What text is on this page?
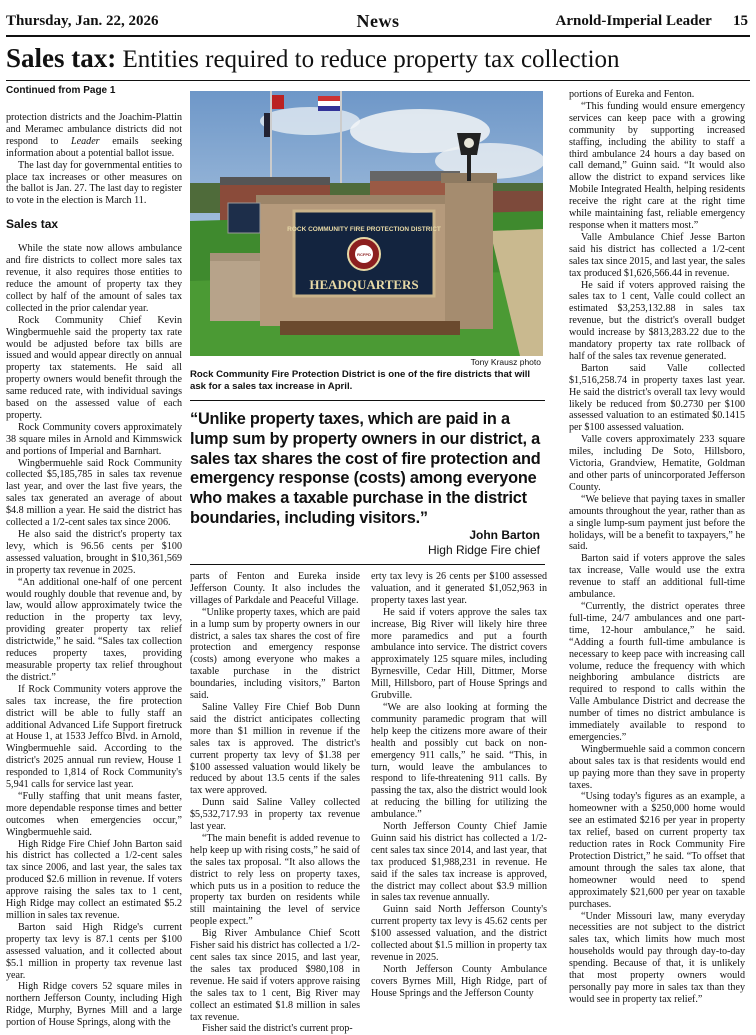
Thursday, Jan. 22, 2026	News	Arnold-Imperial Leader 15
Sales tax: Entities required to reduce property tax collection
Continued from Page 1

protection districts and the Joachim-Plattin and Meramec ambulance districts did not respond to Leader emails seeking information about a potential ballot issue.

The last day for governmental entities to place tax increases or other measures on the ballot is Jan. 27. The last day to register to vote in the election is March 11.

Sales tax

While the state now allows ambulance and fire districts to collect more sales tax revenue, it also requires those entities to reduce the amount of property tax they collect by half of the amount of sales tax collected in the prior calendar year.

Rock Community Chief Kevin Wingbermuehle said the property tax rate would be adjusted before tax bills are issued and would appear directly on annual property tax statements. He said all property owners would benefit through the same reduced rate, with individual savings based on the assessed value of each property.

Rock Community covers approximately 38 square miles in Arnold and Kimmswick and portions of Imperial and Barnhart.

Wingbermuehle said Rock Community collected $5,185,785 in sales tax revenue last year, and over the last five years, the sales tax generated an average of about $4.8 million a year. He said the district has collected a 1/2-cent sales tax since 2006.

He also said the district's property tax levy, which is 96.56 cents per $100 assessed valuation, brought in $10,361,569 in property tax revenue in 2025.

“An additional one-half of one percent would roughly double that revenue and, by law, would allow approximately twice the reduction in the property tax levy, providing greater property tax relief districtwide,” he said. “Sales tax collection reduces property taxes, providing measurable property tax relief throughout the district.”

If Rock Community voters approve the sales tax increase, the fire protection district will be able to fully staff an additional Advanced Life Support firetruck at House 1, at 1533 Jeffco Blvd. in Arnold, Wingbermuehle said. According to the district's 2025 annual run review, House 1 responded to 1,814 of Rock Community's 5,941 calls for service last year.

“Fully staffing that unit means faster, more dependable response times and better outcomes when emergencies occur,” Wingbermuehle said.

High Ridge Fire Chief John Barton said his district has collected a 1/2-cent sales tax since 2006, and last year, the sales tax produced $2.6 million in revenue. If voters approve raising the sales tax to 1 cent, High Ridge may collect an estimated $5.2 million in sales tax revenue.

Barton said High Ridge's current property tax levy is 87.1 cents per $100 assessed valuation, and it collected about $5.1 million in property tax revenue last year.

High Ridge covers 52 square miles in northern Jefferson County, including High Ridge, Murphy, Byrnes Mill and a large portion of House Springs, along with the

ROCK COMMUNITY FIRE PROTECTION DISTRICT
RCFPD
HEADQUARTERS
Tony Krausz photo
Rock Community Fire Protection District is one of the fire districts that will ask for a sales tax increase in April.
“Unlike property taxes, which are paid in a lump sum by property owners in our district, a sales tax shares the cost of fire protection and emergency response (costs) among everyone who makes a taxable purchase in the district boundaries, including visitors.”
John Barton
High Ridge Fire chief

parts of Fenton and Eureka inside Jefferson County. It also includes the villages of Parkdale and Peaceful Village.

“Unlike property taxes, which are paid in a lump sum by property owners in our district, a sales tax shares the cost of fire protection and emergency response (costs) among everyone who makes a taxable purchase in the district boundaries, including visitors,” Barton said.

Saline Valley Fire Chief Bob Dunn said the district anticipates collecting more than $1 million in revenue if the sales tax is approved. The district's current property tax levy of $1.38 per $100 assessed valuation would likely be reduced by about 13.5 cents if the sales tax were approved.

Dunn said Saline Valley collected $5,532,717.93 in property tax revenue last year.

“The main benefit is added revenue to help keep up with rising costs,” he said of the sales tax proposal. “It also allows the district to rely less on property taxes, which puts us in a position to reduce the property tax burden on residents while still maintaining the level of service people expect.”

Big River Ambulance Chief Scott Fisher said his district has collected a 1/2-cent sales tax since 2015, and last year, the sales tax produced $980,108 in revenue. He said if voters approve raising the sales tax to 1 cent, Big River may collect an estimated $1.8 million in sales tax revenue.

Fisher said the district's current prop-

erty tax levy is 26 cents per $100 assessed valuation, and it generated $1,052,963 in property taxes last year.

He said if voters approve the sales tax increase, Big River will likely hire three more paramedics and put a fourth ambulance into service. The district covers approximately 125 square miles, including Byrnesville, Cedar Hill, Dittmer, Morse Mill, Hillsboro, part of House Springs and Grubville.

“We are also looking at forming the community paramedic program that will help keep the citizens more aware of their health and possibly cut back on non-emergency 911 calls,” he said. “This, in turn, would leave the ambulances to respond to life-threatening 911 calls. By passing the tax, also the district would look at reducing the billing for utilizing the ambulance.”

North Jefferson County Chief Jamie Guinn said his district has collected a 1/2-cent sales tax since 2014, and last year, that tax produced $1,988,231 in revenue. He said if the sales tax increase is approved, the district may collect about $3.9 million in sales tax revenue annually.

Guinn said North Jefferson County's current property tax levy is 45.62 cents per $100 assessed valuation, and the district collected about $1.5 million in property tax revenue in 2025.

North Jefferson County Ambulance covers Byrnes Mill, High Ridge, part of House Springs and the Jefferson County

portions of Eureka and Fenton.

“This funding would ensure emergency services can keep pace with a growing community by supporting increased staffing, including the ability to staff a third ambulance 24 hours a day based on call demand,” Guinn said. “It would also allow the district to expand services like Mobile Integrated Health, helping residents receive the right care at the right time while maintaining fast, reliable emergency response when it matters most.”

Valle Ambulance Chief Jesse Barton said his district has collected a 1/2-cent sales tax since 2015, and last year, the sales tax produced $1,626,566.44 in revenue.

He said if voters approved raising the sales tax to 1 cent, Valle could collect an estimated $3,253,132.88 in sales tax revenue, but the district's overall budget would increase by $813,283.22 due to the mandatory property tax rate rollback of half of the sales tax revenue generated.

Barton said Valle collected $1,516,258.74 in property taxes last year. He said the district's overall tax levy would likely be reduced from $0.2730 per $100 assessed valuation to an estimated $0.1415 per $100 assessed valuation.

Valle covers approximately 233 square miles, including De Soto, Hillsboro, Victoria, Grandview, Hematite, Goldman and other parts of unincorporated Jefferson County.

“We believe that paying taxes in smaller amounts throughout the year, rather than as a single lump-sum payment just before the holidays, will be a benefit to taxpayers,” he said.

Barton said if voters approve the sales tax increase, Valle would use the extra revenue to staff an additional full-time ambulance.

“Currently, the district operates three full-time, 24/7 ambulances and one part-time, 12-hour ambulance,” he said. “Adding a fourth full-time ambulance is necessary to keep pace with increasing call volume, reduce the frequency with which neighboring ambulance districts are required to respond to calls within the Valle Ambulance District and decrease the number of times no district ambulance is immediately available to respond to emergencies.”

Wingbermuehle said a common concern about sales tax is that residents would end up paying more than they save in property taxes.

“Using today's figures as an example, a homeowner with a $250,000 home would see an estimated $216 per year in property tax relief, based on current property tax reduction rates in Rock Community Fire Protection District,” he said. “To offset that amount through the sales tax alone, that homeowner would need to spend approximately $21,600 per year on taxable purchases.

“Under Missouri law, many everyday necessities are not subject to the district sales tax, which limits how much most households would pay through day-to-day spending. Because of that, it is unlikely that most property owners would personally pay more in sales tax than they would see in property tax relief.”
